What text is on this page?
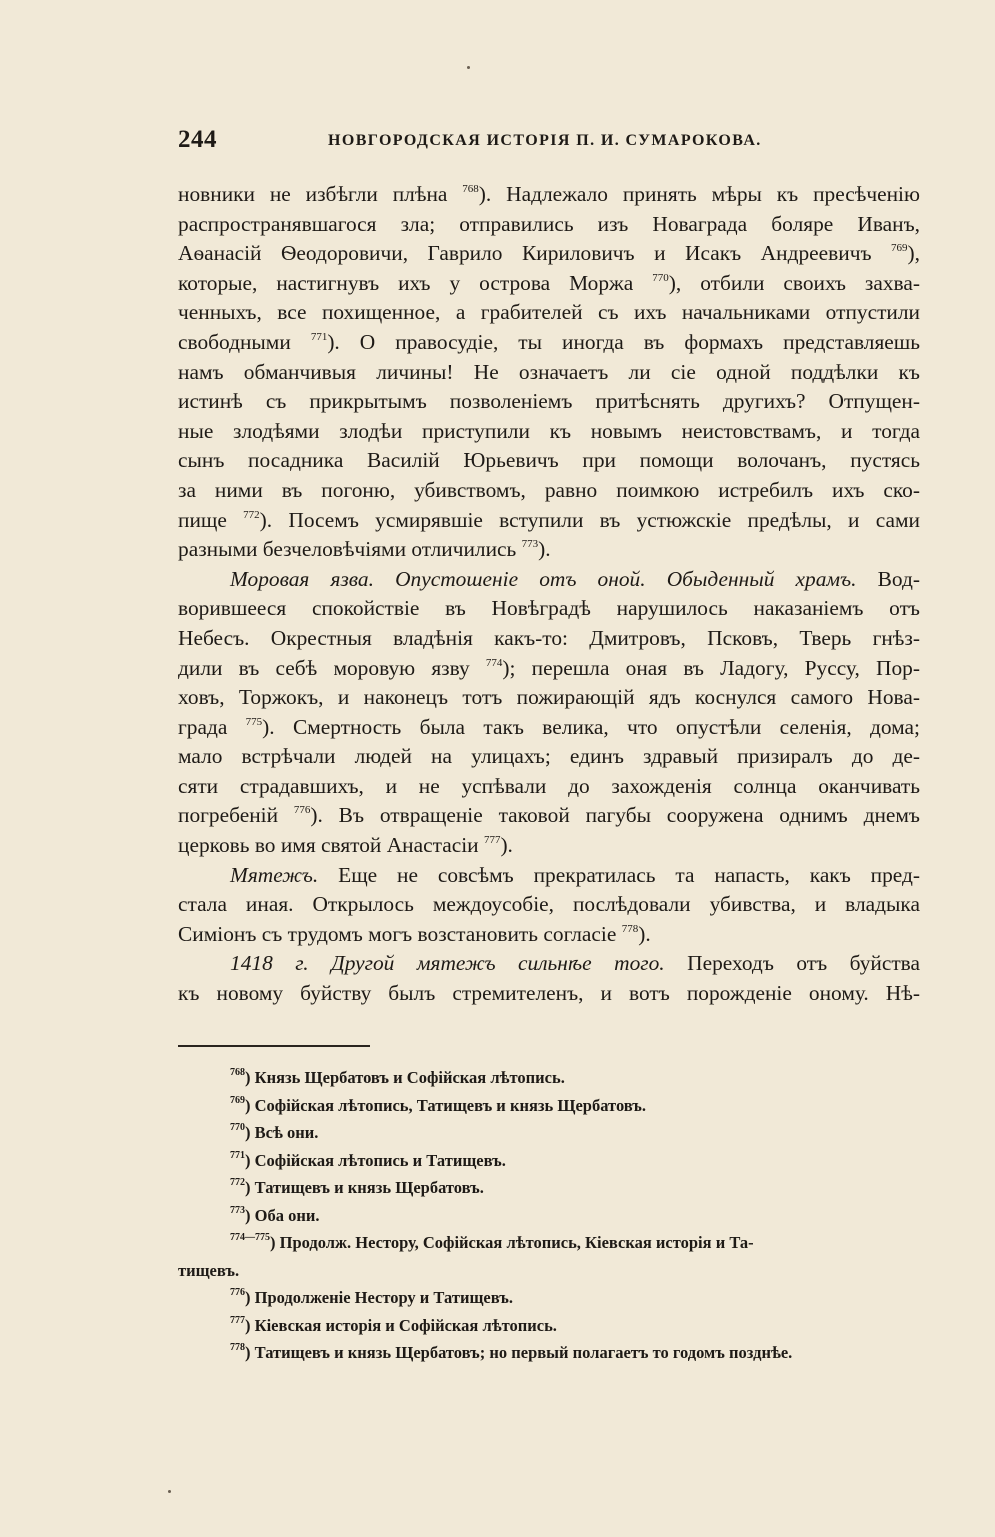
244	НОВГОРОДСКАЯ ИСТОРІЯ П. И. СУМАРОКОВА.
новники не избѣгли плѣна $^{768}$). Надлежало принять мѣры къ пресѣченію
распространявшагося зла; отправились изъ Новаграда боляре Иванъ,
Аѳанасій Ѳеодоровичи, Гаврило Кириловичъ и Исакъ Андреевичъ $^{769}$),
которые, настигнувъ ихъ у острова Моржа $^{770}$), отбили своихъ захва-
ченныхъ, все похищенное, а грабителей съ ихъ начальниками отпустили
свободными $^{771}$). О правосудіе, ты иногда въ формахъ представляешь
намъ обманчивыя личины! Не означаетъ ли сіе одной поддѣлки къ
истинѣ съ прикрытымъ позволеніемъ притѣснять другихъ? Отпущен-
ные злодѣями злодѣи приступили къ новымъ неистовствамъ, и тогда
сынъ посадника Василій Юрьевичъ при помощи волочанъ, пустясь
за ними въ погоню, убивствомъ, равно поимкою истребилъ ихъ ско-
пище $^{772}$). Посемъ усмирявшіе вступили въ устюжскіе предѣлы, и сами
разными безчеловѣчіями отличились $^{773}$).
Моровая язва. Опустошеніе отъ оной. Обыденный храмъ. Вод-
ворившееся спокойствіе въ Новѣградѣ нарушилось наказаніемъ отъ
Небесъ. Окрестныя владѣнія какъ-то: Дмитровъ, Псковъ, Тверь гнѣз-
дили въ себѣ моровую язву $^{774}$); перешла оная въ Ладогу, Руссу, Пор-
ховъ, Торжокъ, и наконецъ тотъ пожирающій ядъ коснулся самого Нова-
града $^{775}$). Смертность была такъ велика, что опустѣли селенія, дома;
мало встрѣчали людей на улицахъ; единъ здравый призиралъ до де-
сяти страдавшихъ, и не успѣвали до захожденія солнца оканчивать
погребеній $^{776}$). Въ отвращеніе таковой пагубы сооружена однимъ днемъ
церковь во имя святой Анастасіи $^{777}$).
Мятежъ. Еще не совсѣмъ прекратилась та напасть, какъ пред-
стала иная. Открылось междоусобіе, послѣдовали убивства, и владыка
Симіонъ съ трудомъ могъ возстановить согласіе $^{778}$).
1418 г. Другой мятежъ сильнѣе того. Переходъ отъ буйства
къ новому буйству былъ стремителенъ, и вотъ порожденіе оному. Нѣ-
$^{768}$) Князь Щербатовъ и Софійская лѣтопись.
$^{769}$) Софійская лѣтопись, Татищевъ и князь Щербатовъ.
$^{770}$) Всѣ они.
$^{771}$) Софійская лѣтопись и Татищевъ.
$^{772}$) Татищевъ и князь Щербатовъ.
$^{773}$) Оба они.
$^{774—775}$) Продолж. Нестору, Софійская лѣтопись, Кіевская исторія и Та-
тищевъ.
$^{776}$) Продолженіе Нестору и Татищевъ.
$^{777}$) Кіевская исторія и Софійская лѣтопись.
$^{778}$) Татищевъ и князь Щербатовъ; но первый полагаетъ то годомъ позднѣе.
